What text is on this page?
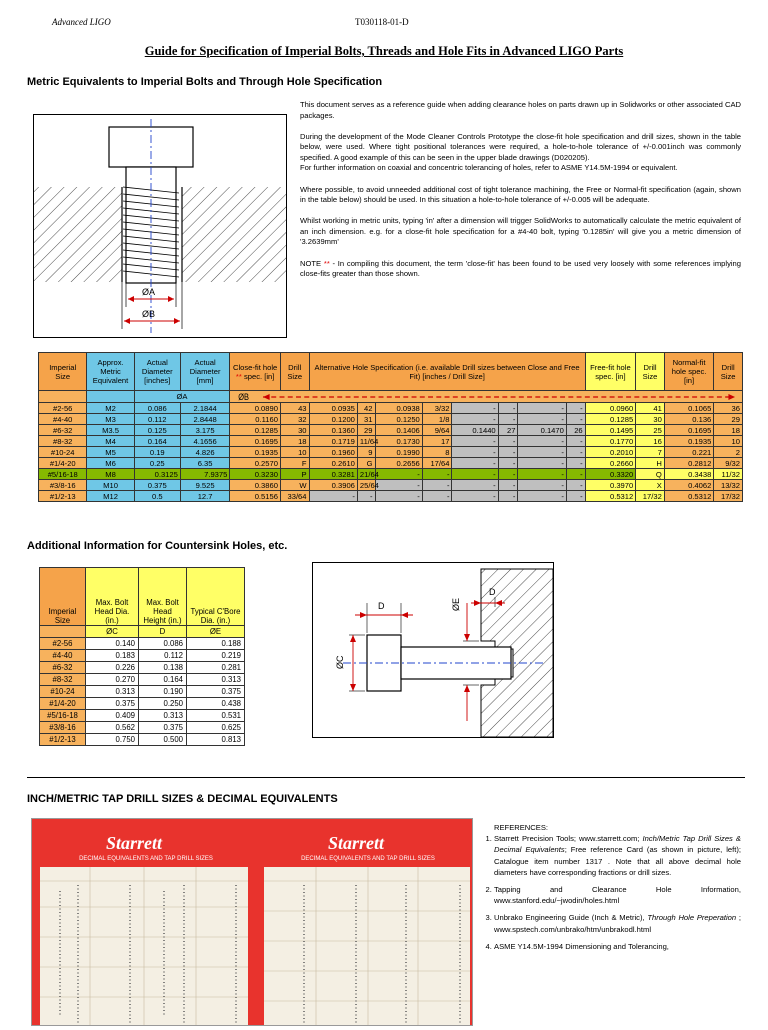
Advanced LIGO	T030118-01-D
Guide for Specification of Imperial Bolts, Threads and Hole Fits in Advanced LIGO Parts
Metric Equivalents to Imperial Bolts and Through Hole Specification
ØA
ØB

This document serves as a reference guide when adding clearance holes on parts drawn up in Solidworks or other associated CAD packages.

During the development of the Mode Cleaner Controls Prototype the close-fit hole specification and drill sizes, shown in the table below, were used. Where tight positional tolerances were required, a hole-to-hole tolerance of +/-0.001inch was commonly specified. A good example of this can be seen in the upper blade drawings (D020205).

For further information on coaxial and concentric tolerancing of holes, refer to ASME Y14.5M-1994 or equivalent.

Where possible, to avoid unneeded additional cost of tight tolerance machining, the Free or Normal-fit specification (again, shown in the table below) should be used. In this situation a hole-to-hole tolerance of +/-0.005 will be adequate.

Whilst working in metric units, typing 'in' after a dimension will trigger SolidWorks to automatically calculate the metric equivalent of an inch dimension. e.g. for a close-fit hole specification for a #4-40 bolt, typing '0.1285in' will give you a metric dimension of '3.2639mm'

NOTE ** - In compiling this document, the term 'close-fit' has been found to be used very loosely with some references implying close-fits greater than those shown.

Imperial Size	Approx. Metric Equivalent	Actual Diameter [inches]	Actual Diameter [mm]	Close-fit hole ** spec. [in]	Drill Size	Alternative Hole Specification (i.e. available Drill sizes between Close and Free Fit) [inches / Drill Size]								Free-fit hole spec. [in]	Drill Size	Normal-fit hole spec. [in]	Drill Size
		ØA		ØB													

#2-56	M2	0.086	2.1844	0.0890	43	0.0935	42	0.0938	3/32	-	-	-	-	0.0960	41	0.1065	36
#4-40	M3	0.112	2.8448	0.1160	32	0.1200	31	0.1250	1/8	-	-	-	-	0.1285	30	0.136	29
#6-32	M3.5	0.125	3.175	0.1285	30	0.1360	29	0.1406	9/64	0.1440	27	0.1470	26	0.1495	25	0.1695	18
#8-32	M4	0.164	4.1656	0.1695	18	0.1719	11/64	0.1730	17	-	-	-	-	0.1770	16	0.1935	10
#10-24	M5	0.19	4.826	0.1935	10	0.1960	9	0.1990	8	-	-	-	-	0.2010	7	0.221	2
#1/4-20	M6	0.25	6.35	0.2570	F	0.2610	G	0.2656	17/64	-	-	-	-	0.2660	H	0.2812	9/32
#5/16-18	M8	0.3125	7.9375	0.3230	P	0.3281	21/64	-	-	-	-	-	-	0.3320	Q	0.3438	11/32
#3/8-16	M10	0.375	9.525	0.3860	W	0.3906	25/64	-	-	-	-	-	-	0.3970	X	0.4062	13/32
#1/2-13	M12	0.5	12.7	0.5156	33/64	-	-	-	-	-	-	-	-	0.5312	17/32	0.5312	17/32
Additional Information for Countersink Holes, etc.
Imperial Size	Max. Bolt Head Dia. (in.)	Max. Bolt Head Height (in.)	Typical C'Bore Dia. (in.)
	ØC	D	ØE
#2-56	0.140	0.086	0.188
#4-40	0.183	0.112	0.219
#6-32	0.226	0.138	0.281
#8-32	0.270	0.164	0.313
#10-24	0.313	0.190	0.375
#1/4-20	0.375	0.250	0.438
#5/16-18	0.409	0.313	0.531
#3/8-16	0.562	0.375	0.625
#1/2-13	0.750	0.500	0.813
D
D
ØC
ØE
INCH/METRIC TAP DRILL SIZES & DECIMAL EQUIVALENTS
Starrett	Starrett
DECIMAL EQUIVALENTS AND TAP DRILL SIZES	DECIMAL EQUIVALENTS AND TAP DRILL SIZES
REFERENCES:
1. Starrett Precision Tools; www.starrett.com; Inch/Metric Tap Drill Sizes & Decimal Equivalents; Free reference Card (as shown in picture, left); Catalogue item number 1317 . Note that all above decimal hole diameters have corresponding fractions or drill sizes.
2. Tapping and Clearance Hole Information, www.stanford.edu/~jwodin/holes.html
3. Unbrako Engineering Guide (Inch & Metric), Through Hole Preperation ; www.spstech.com/unbrako/htm/unbrakodl.html
4. ASME Y14.5M-1994 Dimensioning and Tolerancing,
